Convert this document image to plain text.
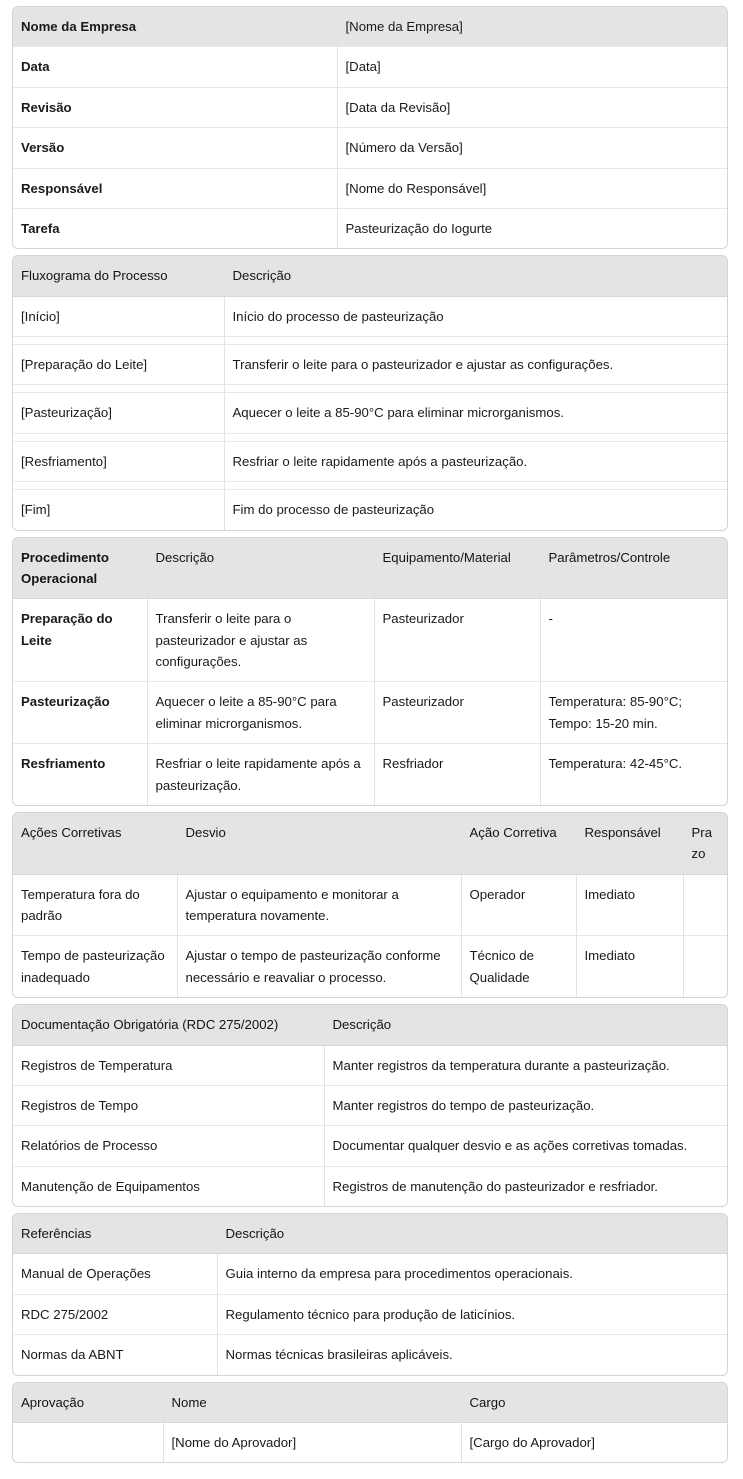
Nome da Empresa	[Nome da Empresa]
Data	[Data]
Revisão	[Data da Revisão]
Versão	[Número da Versão]
Responsável	[Nome do Responsável]
Tarefa	Pasteurização do Iogurte
Fluxograma do Processo	Descrição
[Início]	Início do processo de pasteurização

[Preparação do Leite]	Transferir o leite para o pasteurizador e ajustar as configurações.

[Pasteurização]	Aquecer o leite a 85-90°C para eliminar microrganismos.

[Resfriamento]	Resfriar o leite rapidamente após a pasteurização.

[Fim]	Fim do processo de pasteurização
Procedimento Operacional	Descrição	Equipamento/Material	Parâmetros/Controle
Preparação do Leite	Transferir o leite para o pasteurizador e ajustar as configurações.	Pasteurizador	-
Pasteurização	Aquecer o leite a 85-90°C para eliminar microrganismos.	Pasteurizador	Temperatura: 85-90°C; Tempo: 15-20 min.
Resfriamento	Resfriar o leite rapidamente após a pasteurização.	Resfriador	Temperatura: 42-45°C.
Ações Corretivas	Desvio	Ação Corretiva	Responsável	Prazo
Temperatura fora do padrão	Ajustar o equipamento e monitorar a temperatura novamente.	Operador	Imediato	
Tempo de pasteurização inadequado	Ajustar o tempo de pasteurização conforme necessário e reavaliar o processo.	Técnico de Qualidade	Imediato	
Documentação Obrigatória (RDC 275/2002)	Descrição
Registros de Temperatura	Manter registros da temperatura durante a pasteurização.
Registros de Tempo	Manter registros do tempo de pasteurização.
Relatórios de Processo	Documentar qualquer desvio e as ações corretivas tomadas.
Manutenção de Equipamentos	Registros de manutenção do pasteurizador e resfriador.
Referências	Descrição
Manual de Operações	Guia interno da empresa para procedimentos operacionais.
RDC 275/2002	Regulamento técnico para produção de laticínios.
Normas da ABNT	Normas técnicas brasileiras aplicáveis.
Aprovação	Nome	Cargo
	[Nome do Aprovador]	[Cargo do Aprovador]
